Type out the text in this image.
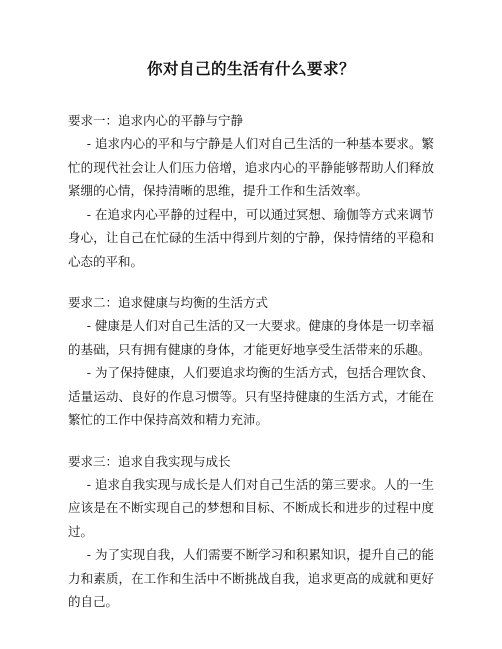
你对自己的生活有什么要求？
要求一：追求内心的平静与宁静

- 追求内心的平和与宁静是人们对自己生活的一种基本要求。繁忙的现代社会让人们压力倍增，追求内心的平静能够帮助人们释放紧绷的心情，保持清晰的思维，提升工作和生活效率。

- 在追求内心平静的过程中，可以通过冥想、瑜伽等方式来调节身心，让自己在忙碌的生活中得到片刻的宁静，保持情绪的平稳和心态的平和。

要求二：追求健康与均衡的生活方式

- 健康是人们对自己生活的又一大要求。健康的身体是一切幸福的基础，只有拥有健康的身体，才能更好地享受生活带来的乐趣。

- 为了保持健康，人们要追求均衡的生活方式，包括合理饮食、适量运动、良好的作息习惯等。只有坚持健康的生活方式，才能在繁忙的工作中保持高效和精力充沛。

要求三：追求自我实现与成长

- 追求自我实现与成长是人们对自己生活的第三要求。人的一生应该是在不断实现自己的梦想和目标、不断成长和进步的过程中度过。

- 为了实现自我，人们需要不断学习和积累知识，提升自己的能力和素质，在工作和生活中不断挑战自我，追求更高的成就和更好的自己。
